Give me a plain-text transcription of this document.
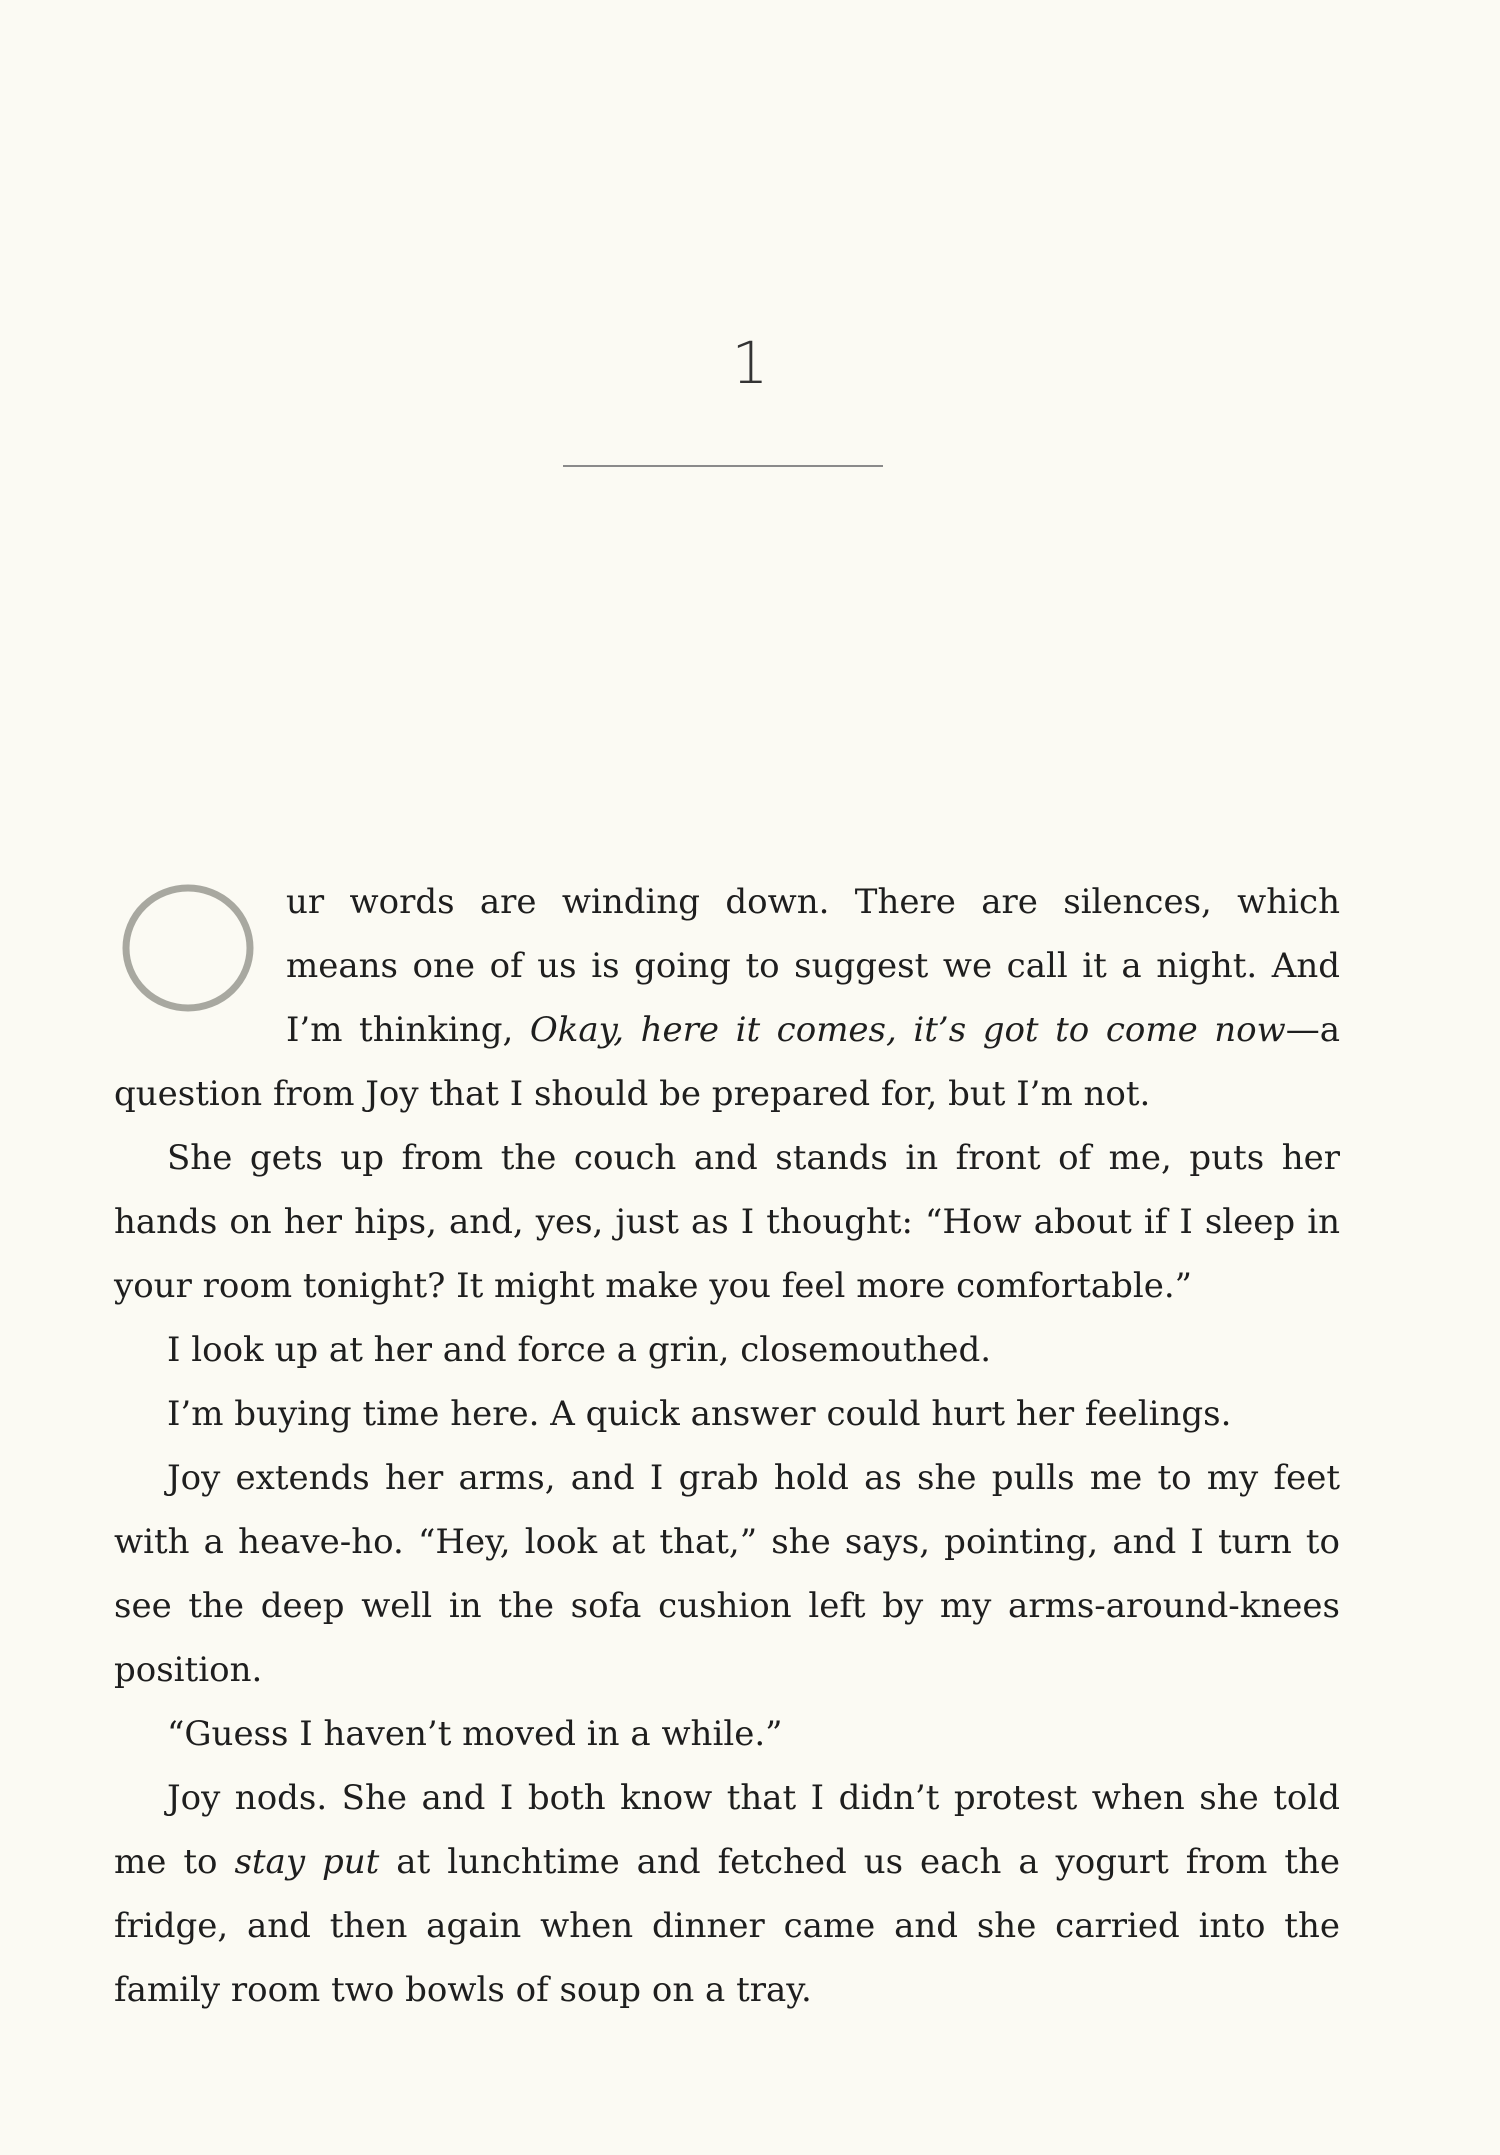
1

ur words are winding down. There are silences, which means one of us is going to suggest we call it a night. And I’m thinking, Okay, here it comes, it’s got to come now—a question from Joy that I should be prepared for, but I’m not.

She gets up from the couch and stands in front of me, puts her hands on her hips, and, yes, just as I thought: “How about if I sleep in your room tonight? It might make you feel more comfortable.”

I look up at her and force a grin, closemouthed.

I’m buying time here. A quick answer could hurt her feelings.

Joy extends her arms, and I grab hold as she pulls me to my feet with a heave-ho. “Hey, look at that,” she says, pointing, and I turn to see the deep well in the sofa cushion left by my arms-around-knees position.

“Guess I haven’t moved in a while.”

Joy nods. She and I both know that I didn’t protest when she told me to stay put at lunchtime and fetched us each a yogurt from the fridge, and then again when dinner came and she carried into the family room two bowls of soup on a tray.
